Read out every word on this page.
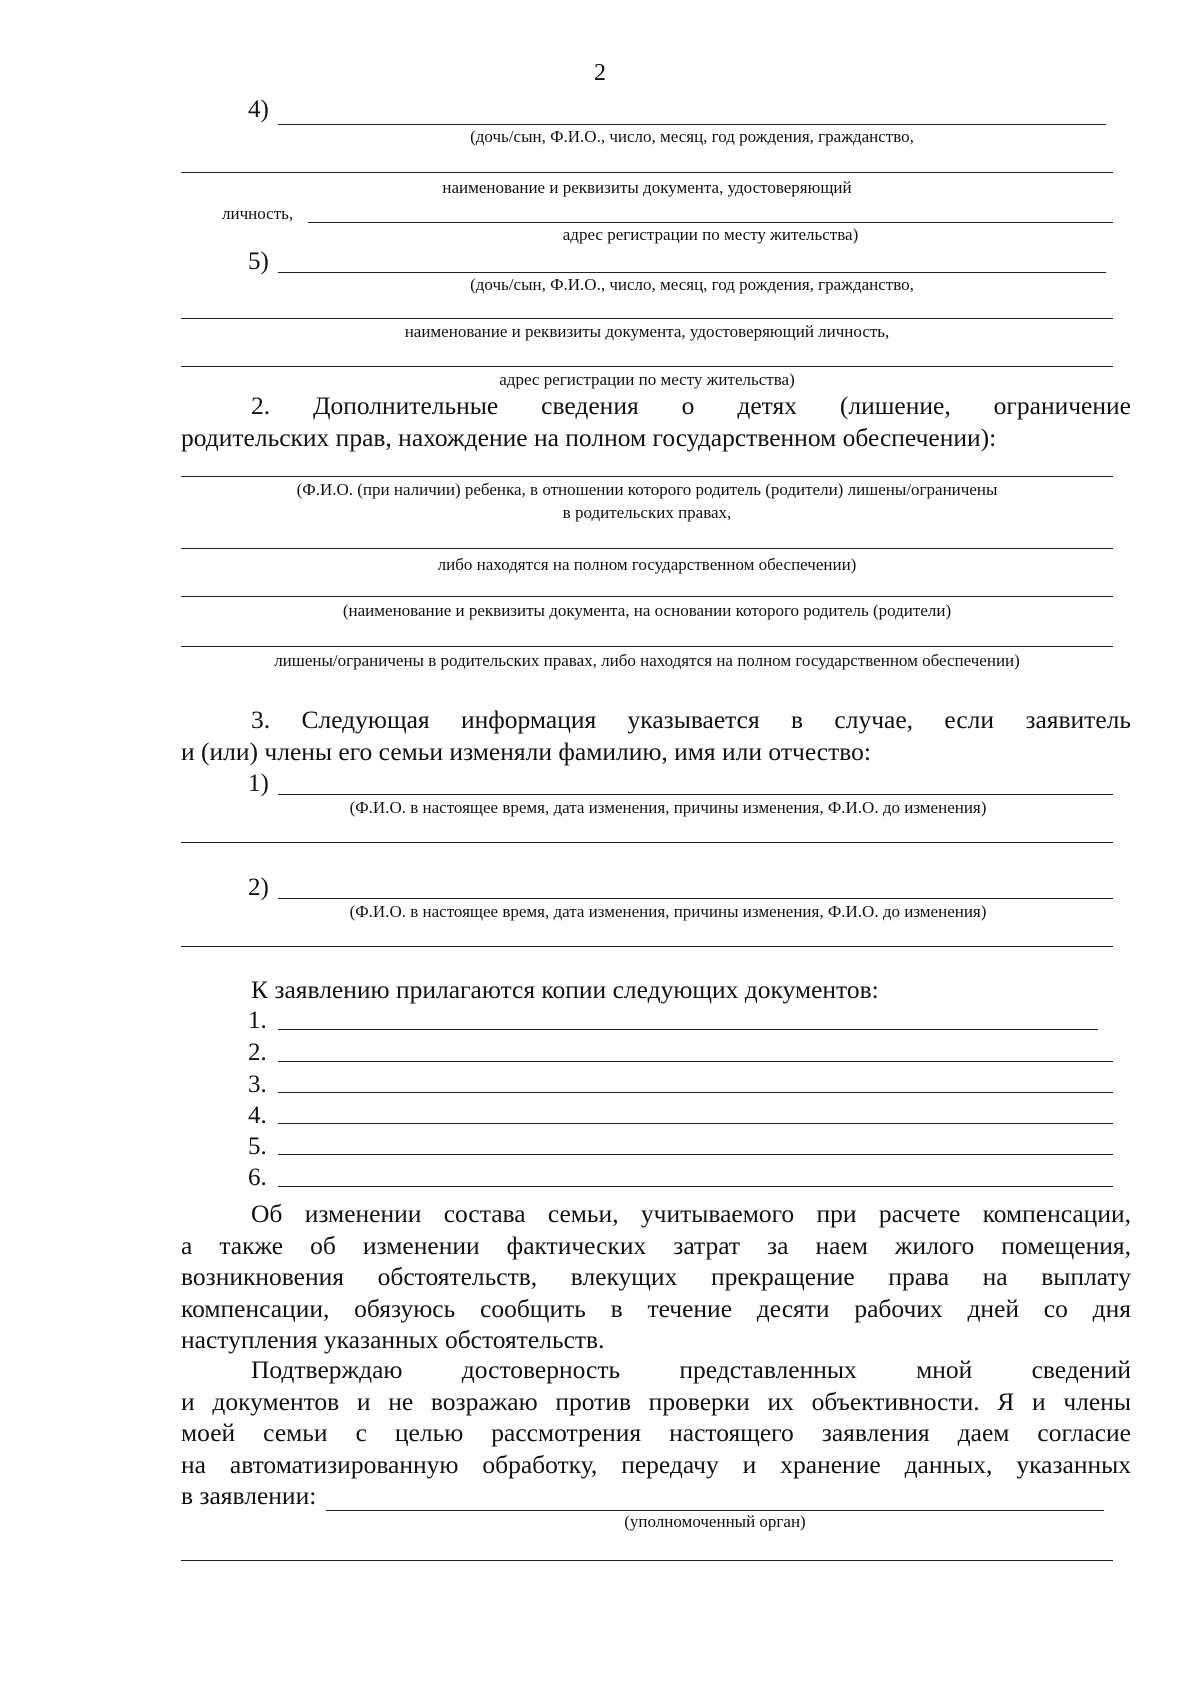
2
4)
(дочь/сын, Ф.И.О., число, месяц, год рождения, гражданство,
наименование и реквизиты документа, удостоверяющий
личность,
адрес регистрации по месту жительства)
5)
(дочь/сын, Ф.И.О., число, месяц, год рождения, гражданство,
наименование и реквизиты документа, удостоверяющий личность,
адрес регистрации по месту жительства)
2. Дополнительные сведения о детях (лишение, ограничение
родительских прав, нахождение на полном государственном обеспечении):
(Ф.И.О. (при наличии) ребенка, в отношении которого родитель (родители) лишены/ограничены
в родительских правах,
либо находятся на полном государственном обеспечении)
(наименование и реквизиты документа, на основании которого родитель (родители)
лишены/ограничены в родительских правах, либо находятся на полном государственном обеспечении)
3. Следующая информация указывается в случае, если заявитель
и (или) члены его семьи изменяли фамилию, имя или отчество:
1)
(Ф.И.О. в настоящее время, дата изменения, причины изменения, Ф.И.О. до изменения)
2)
(Ф.И.О. в настоящее время, дата изменения, причины изменения, Ф.И.О. до изменения)
К заявлению прилагаются копии следующих документов:
1.
2.
3.
4.
5.
6.
Об изменении состава семьи, учитываемого при расчете компенсации,
а также об изменении фактических затрат за наем жилого помещения,
возникновения обстоятельств, влекущих прекращение права на выплату
компенсации, обязуюсь сообщить в течение десяти рабочих дней со дня
наступления указанных обстоятельств.
Подтверждаю достоверность представленных мной сведений
и документов и не возражаю против проверки их объективности. Я и члены
моей семьи с целью рассмотрения настоящего заявления даем согласие
на автоматизированную обработку, передачу и хранение данных, указанных
в заявлении:
(уполномоченный орган)
